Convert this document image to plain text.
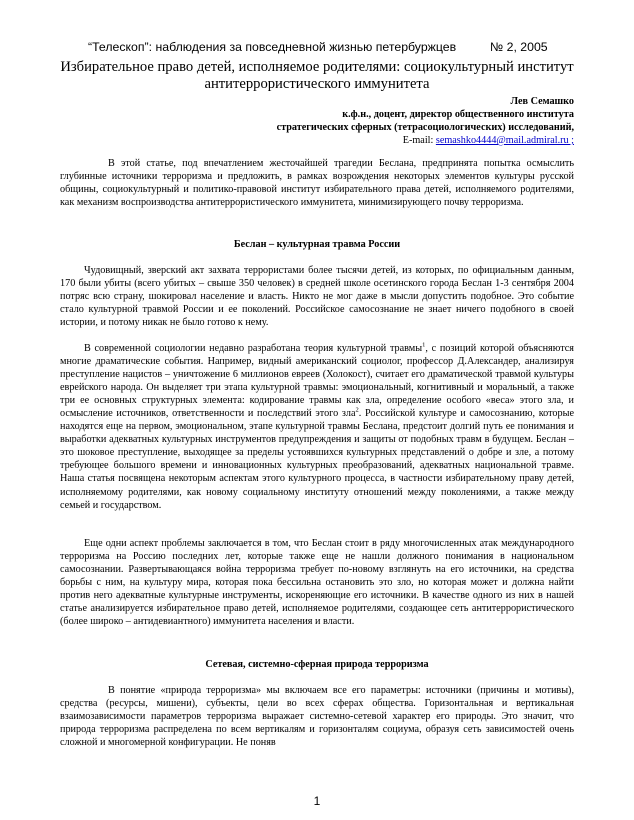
“Телескоп”: наблюдения за повседневной жизнью петербуржцев	№ 2, 2005
Избирательное право детей, исполняемое родителями: социокультурный институт антитеррористического иммунитета
Лев Семашко
к.ф.н., доцент, директор общественного института
стратегических сферных (тетрасоциологических) исследований,
E-mail: semashko4444@mail.admiral.ru ;

В этой статье, под впечатлением жесточайшей трагедии Беслана, предпринята попытка осмыслить глубинные источники терроризма и предложить, в рамках возрождения некоторых элементов культуры русской общины, социокультурный и политико-правовой институт избирательного права детей, исполняемого родителями, как механизм воспроизводства антитеррористического иммунитета, минимизирующего почву терроризма.

Беслан – культурная травма России

Чудовищный, зверский акт захвата террористами более тысячи детей, из которых, по официальным данным, 170 были убиты (всего убитых – свыше 350 человек) в средней школе осетинского города Беслан 1-3 сентября 2004 потряс всю страну, шокировал население и власть. Никто не мог даже в мысли допустить подобное. Это событие стало культурной травмой России и ее поколений. Российское самосознание не знает ничего подобного в своей истории, и потому никак не было готово к нему.

В современной социологии недавно разработана теория культурной травмы$^1$, с позиций которой объясняются многие драматические события. Например, видный американский социолог, профессор Д.Александер, анализируя преступление нацистов – уничтожение 6 миллионов евреев (Холокост), считает его драматической травмой культуры еврейского народа. Он выделяет три этапа культурной травмы: эмоциональный, когнитивный и моральный, а также три ее основных структурных элемента: кодирование травмы как зла, определение особого «веса» этого зла, и осмысление источников, ответственности и последствий этого зла$^2$. Российской культуре и самосознанию, которые находятся еще на первом, эмоциональном, этапе культурной травмы Беслана, предстоит долгий путь ее понимания и выработки адекватных культурных инструментов предупреждения и защиты от подобных травм в будущем. Беслан – это шоковое преступление, выходящее за пределы устоявшихся культурных представлений о добре и зле, а потому требующее большого времени и инновационных культурных преобразований, адекватных национальной травме. Наша статья посвящена некоторым аспектам этого культурного процесса, в частности избирательному праву детей, исполняемому родителями, как новому социальному институту отношений между поколениями, а также между семьей и государством.

Еще одни аспект проблемы заключается в том, что Беслан стоит в ряду многочисленных атак международного терроризма на Россию последних лет, которые также еще не нашли должного понимания в национальном самосознании. Развертывающаяся война терроризма требует по-новому взглянуть на его источники, на средства борьбы с ним, на культуру мира, которая пока бессильна остановить это зло, но которая может и должна найти против него адекватные культурные инструменты, искореняющие его источники. В качестве одного из них в нашей статье анализируется избирательное право детей, исполняемое родителями, создающее сеть антитеррористического (более широко – антидевиантного) иммунитета населения и власти.

Сетевая, системно-сферная природа терроризма

В понятие «природа терроризма» мы включаем все его параметры: источники (причины и мотивы), средства (ресурсы, мишени), субъекты, цели во всех сферах общества. Горизонтальная и вертикальная взаимозависимости параметров терроризма выражает системно-сетевой характер его природы. Это значит, что природа терроризма распределена по всем вертикалям и горизонталям социума, образуя сеть зависимостей очень сложной и многомерной конфигурации. Не поняв

1
